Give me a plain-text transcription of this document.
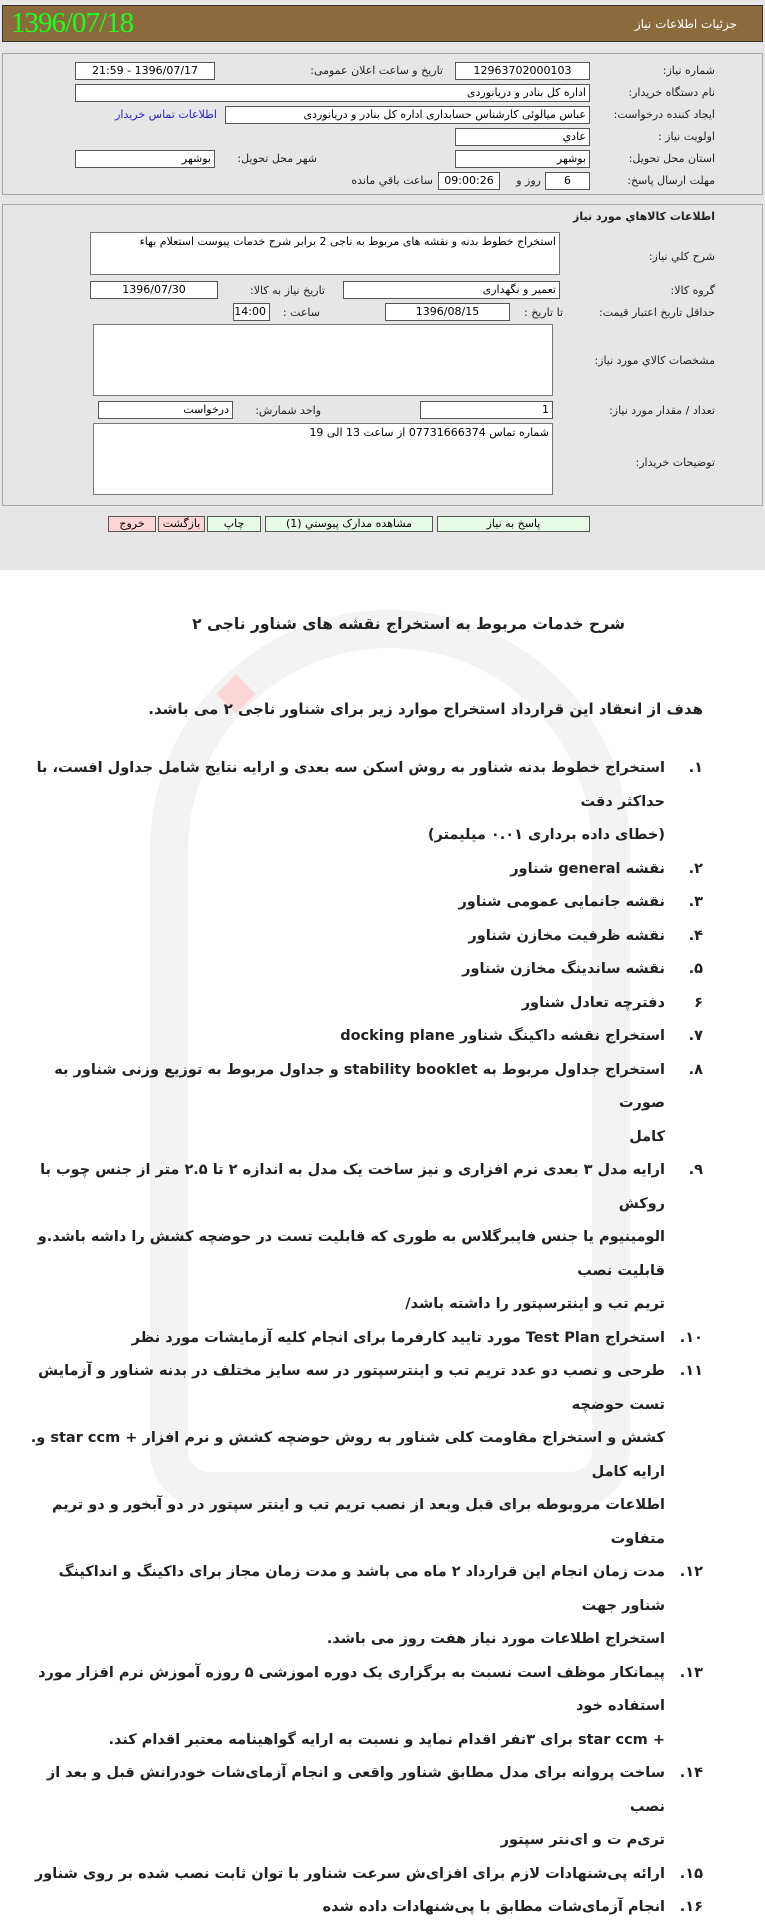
1396/07/18	جزئیات اطلاعات نیاز
شماره نیاز:
12963702000103
تاریخ و ساعت اعلان عمومی:
1396/07/17 - 21:59
نام دستگاه خریدار:
اداره کل بنادر و دریانوردی
ایجاد کننده درخواست:
عباس میالوئی کارشناس حسابداری اداره کل بنادر و دریانوردی
اطلاعات تماس خریدار
اولویت نیاز :
عادي
استان محل تحویل:
بوشهر
شهر محل تحویل:
بوشهر
مهلت ارسال پاسخ:
6
روز و
09:00:26
ساعت باقي مانده
اطلاعات کالاهاي مورد نياز
شرح کلي نياز:
استخراج خطوط بدنه و نقشه های مربوط به ناجی 2 برابر شرح خدمات پیوست استعلام بهاء
گروه کالا:
تعمیر و نگهداری
تاریخ نیاز به کالا:
1396/07/30
حداقل تاریخ اعتبار قیمت:
تا تاریخ :
1396/08/15
ساعت :
14:00
مشخصات کالاي مورد نياز:
تعداد / مقدار مورد نیاز:
1
واحد شمارش:
درخواست
توضیحات خریدار:
شماره تماس 07731666374 از ساعت 13 الی 19
پاسخ به نیاز
مشاهده مدارک پیوستي (1)
چاپ
بازگشت
خروج
شرح خدمات مربوط به استخراج نقشه های شناور ناجی ۲
هدف از انعقاد این قرارداد استخراج موارد زیر برای شناور ناجی ۲ می باشد.
۱.
استخراج خطوط بدنه شناور به روش اسکن سه بعدی و ارایه نتایج شامل جداول افست، با حداکثر دقت
(خطای داده برداری ۰.۰۱ میلیمتر)
۲.
نقشه general شناور
۳.
نقشه جانمایی عمومی شناور
۴.
نقشه ظرفیت مخازن شناور
۵.
نقشه ساندینگ مخازن شناور
۶
دفترچه تعادل شناور
۷.
استخراج نقشه داکینگ شناور docking plane
۸.
استخراج جداول مربوط به stability booklet و جداول مربوط به توزیع وزنی شناور به صورت
کامل
۹.
ارایه مدل ۳ بعدی نرم افزاری و نیز ساخت یک مدل به اندازه ۲ تا ۲.۵ متر از جنس چوب با روکش
الومینیوم یا جنس فایبرگلاس به طوری که قابلیت تست در حوضچه کشش را داشه باشد.و قابلیت نصب
تریم تب و اینترسپتور را داشته باشد/
۱۰.
استخراج Test Plan مورد تایید کارفرما برای انجام کلیه آزمایشات مورد نظر
۱۱.
طرحی و نصب دو عدد تریم تب و اینترسپتور در سه سایز مختلف در بدنه شناور و آزمایش تست حوضچه
کشش و استخراج مقاومت کلی شناور به روش حوضچه کشش و نرم افزار + star ccm و. ارایه کامل
اطلاعات مروبوطه برای قبل وبعد از نصب تریم تب و اینتر سپتور در دو آبخور و دو تریم متفاوت
۱۲.
مدت زمان انجام این قرارداد ۲ ماه می باشد و مدت زمان مجاز برای داکینگ و انداکینگ شناور جهت
استخراج اطلاعات مورد نیاز هفت روز می باشد.
۱۳.
پیمانکار موظف است نسبت به برگزاری یک دوره اموزشی ۵ روزه آموزش نرم افزار مورد استفاده خود
+ star ccm برای ۳نفر اقدام نماید و نسبت به ارایه گواهینامه معتبر اقدام کند.
۱۴.
ساخت پروانه برای مدل مطابق شناور واقعی و انجام آزمای‌شات خودرانش قبل و بعد از نصب
تری‌م ت و ای‌نتر سپتور
۱۵.
ارائه پی‌شنهادات لازم برای افزای‌ش سرعت شناور با توان ثابت نصب شده بر روی شناور
۱۶.
انجام آزمای‌شات مطابق با پی‌شنهادات داده شده
